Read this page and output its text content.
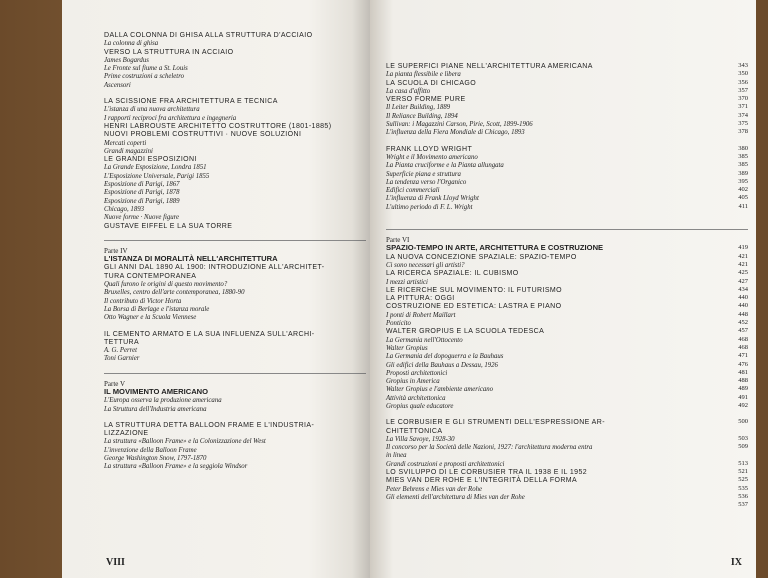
DALLA COLONNA DI GHISA ALLA STRUTTURA D'ACCIAIO
La colonna di ghisa
VERSO LA STRUTTURA IN ACCIAIO
James Bogardus
Le Fronte sul fiume a St. Louis
Prime costruzioni a scheletro
Ascensori
LA SCISSIONE FRA ARCHITETTURA E TECNICA
L'istanza di una nuova architettura
I rapporti reciproci fra architettura e ingegneria
HENRI LABROUSTE ARCHITETTO COSTRUTTORE (1801-1885)
NUOVI PROBLEMI COSTRUTTIVI · NUOVE SOLUZIONI
Mercati coperti
Grandi magazzini
LE GRANDI ESPOSIZIONI
La Grande Esposizione, Londra 1851
L'Esposizione Universale, Parigi 1855
Esposizione di Parigi, 1867
Esposizione di Parigi, 1878
Esposizione di Parigi, 1889
Chicago, 1893
Nuove forme · Nuove figure
GUSTAVE EIFFEL E LA SUA TORRE
Parte IV
L'ISTANZA DI MORALITÀ NELL'ARCHITETTURA
GLI ANNI DAL 1890 AL 1900: INTRODUZIONE ALL'ARCHITET-
TURA CONTEMPORANEA
Quali furono le origini di questo movimento?
Bruxelles, centro dell'arte contemporanea, 1880-90
Il contributo di Victor Horta
La Borsa di Berlage e l'istanza morale
Otto Wagner e la Scuola Viennese
IL CEMENTO ARMATO E LA SUA INFLUENZA SULL'ARCHI-
TETTURA
A. G. Perret
Toni Garnier
Parte V
IL MOVIMENTO AMERICANO
L'Europa osserva la produzione americana
La Struttura dell'Industria americana
LA STRUTTURA DETTA BALLOON FRAME E L'INDUSTRIA-
LIZZAZIONE
La struttura «Balloon Frame» e la Colonizzazione del West
L'invenzione della Balloon Frame
George Washington Snow, 1797-1870
La struttura «Balloon Frame» e la seggiola Windsor
VIII
LE SUPERFICI PIANE NELL'ARCHITETTURA AMERICANA	343
La pianta flessibile e libera	350
LA SCUOLA DI CHICAGO	356
La casa d'affitto	357
VERSO FORME PURE	370
Il Leiter Building, 1889	371
Il Reliance Building, 1894	374
Sullivan: i Magazzini Carson, Pirie, Scott, 1899-1906	375
L'influenza della Fiera Mondiale di Chicago, 1893	378
FRANK LLOYD WRIGHT	380
Wright e il Movimento americano	385
La Pianta cruciforme e la Pianta allungata	385
Superficie piana e struttura	389
La tendenza verso l'Organico	395
Edifici commerciali	402
L'influenza di Frank Lloyd Wright	405
L'ultimo periodo di F. L. Wright	411
Parte VI
SPAZIO-TEMPO IN ARTE, ARCHITETTURA E COSTRUZIONE	419
LA NUOVA CONCEZIONE SPAZIALE: SPAZIO-TEMPO	421
Ci sono necessari gli artisti?	421
LA RICERCA SPAZIALE: IL CUBISMO	425
I mezzi artistici	427
LE RICERCHE SUL MOVIMENTO: IL FUTURISMO	434
LA PITTURA: OGGI	440
COSTRUZIONE ED ESTETICA: LASTRA E PIANO	440
I ponti di Robert Maillart	448
Ponticito	452
WALTER GROPIUS E LA SCUOLA TEDESCA	457
La Germania nell'Ottocento	468
Walter Gropius	468
La Germania del dopoguerra e la Bauhaus	471
Gli edifici della Bauhaus a Dessau, 1926	476
Proposti architettonici	481
Gropius in America	488
Walter Gropius e l'ambiente americano	489
Attività architettonica	491
Gropius quale educatore	492
LE CORBUSIER E GLI STRUMENTI DELL'ESPRESSIONE AR-	500
CHITETTONICA
La Villa Savoye, 1928-30	503
Il concorso per la Società delle Nazioni, 1927: l'architettura moderna entra	509
in linea
Grandi costruzioni e proposti architettonici	513
LO SVILUPPO DI LE CORBUSIER TRA IL 1938 E IL 1952	521
MIES VAN DER ROHE E L'INTEGRITÀ DELLA FORMA	525
Peter Behrens e Mies van der Rohe	535
Gli elementi dell'architettura di Mies van der Rohe	536
537
IX
